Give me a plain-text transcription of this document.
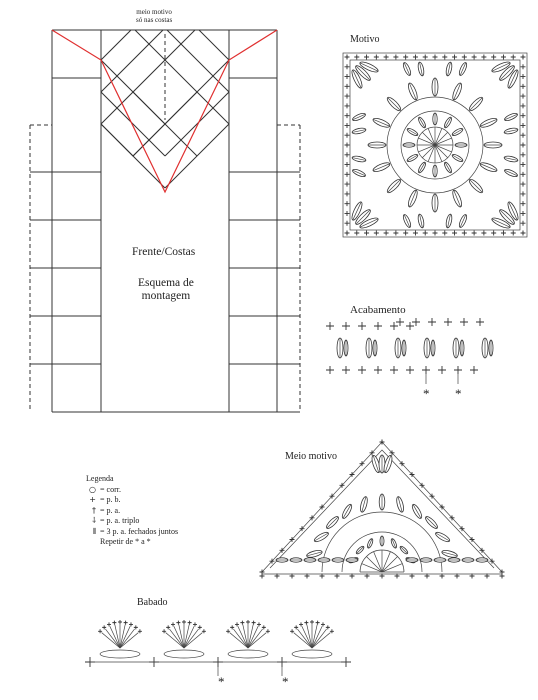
meio motivo
só nas costas
Frente/Costas
Esquema de
montagem
Motivo
Acabamento
* *
Meio motivo
Legenda
○ = corr.
+ = p. b.
† = p. a.
⸸ = p. a. triplo
⦀ = 3 p. a. fechados juntos
Repetir de * a *
Babado
*	*
